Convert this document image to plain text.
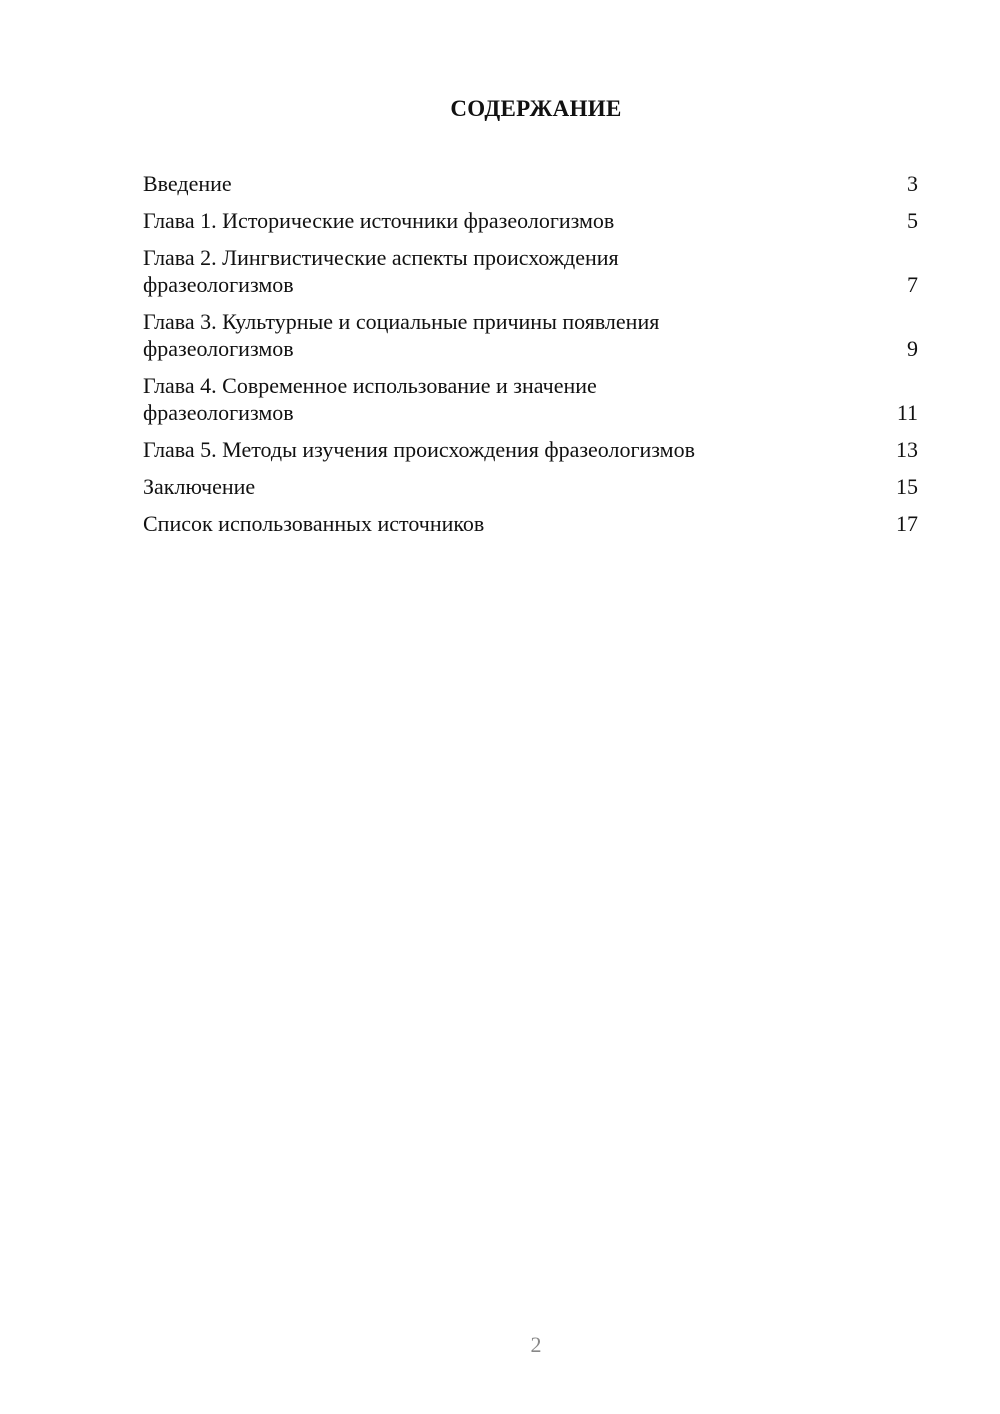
СОДЕРЖАНИЕ
Введение	3
Глава 1. Исторические источники фразеологизмов	5
Глава 2. Лингвистические аспекты происхождения
фразеологизмов	7
Глава 3. Культурные и социальные причины появления
фразеологизмов	9
Глава 4. Современное использование и значение
фразеологизмов	11
Глава 5. Методы изучения происхождения фразеологизмов	13
Заключение	15
Список использованных источников	17
2
